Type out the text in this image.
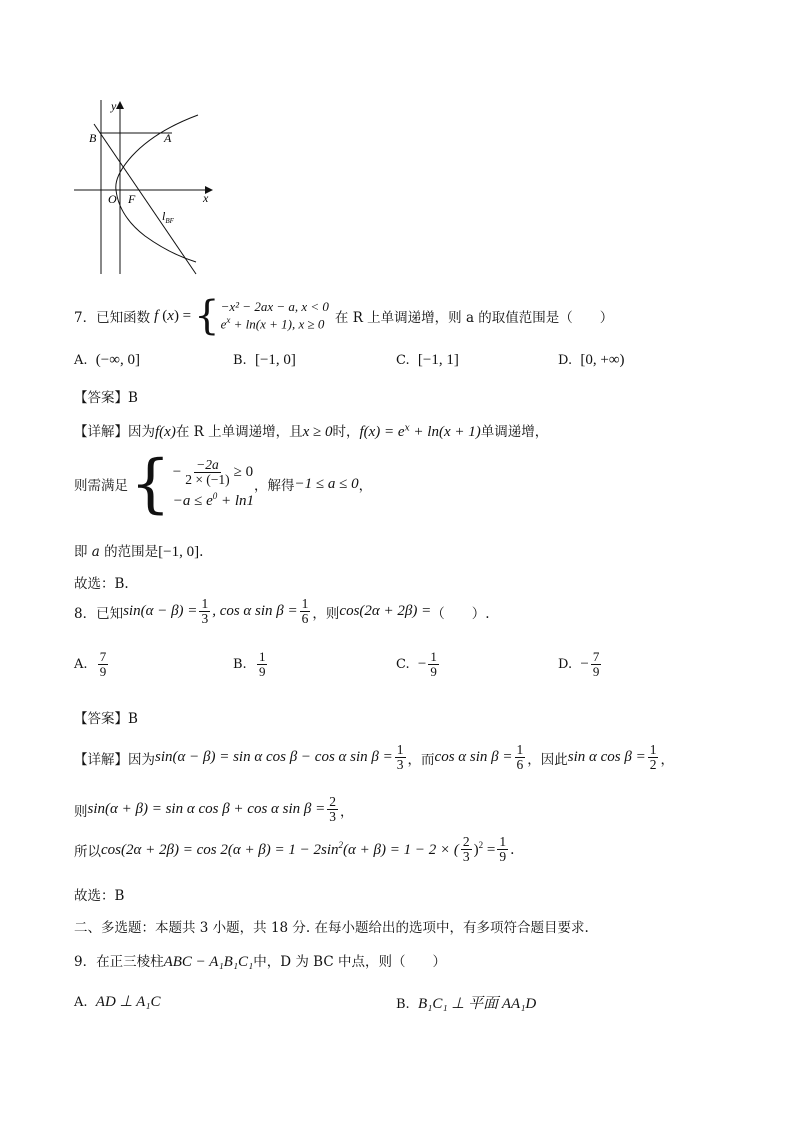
y
x
B	A
O F
$l_{BF}$
7．已知函数 f ( x ) = { −x² − 2ax − a, x < 0
$e^x + \ln(x + 1)$, x ≥ 0 在 R 上单调递增，则 a 的取值范围是（　　）
A. (−∞, 0]	B. [−1, 0]	C. [−1, 1]	D. [0, +∞)
【答案】B
【详解】因为f(x)在 R 上单调递增，且x ≥ 0时，$f(x) = e^x + \ln(x + 1)$单调递增，
则需满足 { − $\frac{-2a}{2 \times (-1)} \ge 0$
$-a \le e^0 + \ln 1$
，解得 −1 ≤ a ≤ 0 ，
即 a 的范围是[−1, 0].
故选：B.
8．已知 $\sin(\alpha - \beta) = \frac{1}{3}$ , cos α $\sin \beta = \frac{1}{6}$ ，则 cos(2α + 2β) = （　　）.
A.
$\frac{7}{9}$	B.
$\frac{1}{9}$	C.
− $\frac{1}{9}$	D.
− $\frac{7}{9}$
【答案】B
【详解】因为 sin(α − β) = sin α cos β − cos α $\sin \beta = \frac{1}{3}$ ，而 cos α $\sin \beta = \frac{1}{6}$ ，因此 sin α $\cos \beta = \frac{1}{2}$ ，
则 sin(α + β) = sin α cos β + cos α $\sin \beta = \frac{2}{3}$ ，
所以 $\cos(2\alpha + 2\beta) = \cos 2(\alpha + \beta) = 1 - 2\sin^2(\alpha + \beta) = 1 - 2$ × ( $\frac{2}{3} )^2 = \frac{1}{9}$ .
故选：B
二、多选题：本题共 3 小题，共 18 分. 在每小题给出的选项中，有多项符合题目要求.
9．在正三棱柱ABC − A₁B₁C₁中，D 为 BC 中点，则（　　）
A. AD ⊥ A₁C	B. B₁C₁ ⊥ 平面 AA₁D
